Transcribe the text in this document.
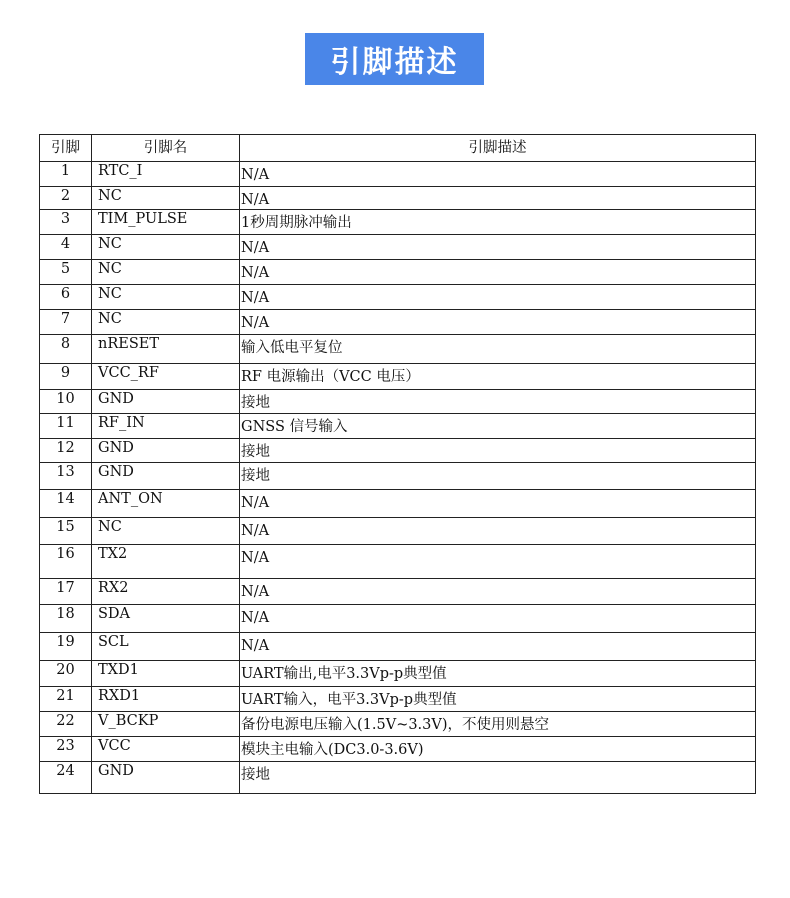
引脚描述
引脚	引脚名	引脚描述
1	RTC_I	N/A
2	NC	N/A
3	TIM_PULSE	1秒周期脉冲输出
4	NC	N/A
5	NC	N/A
6	NC	N/A
7	NC	N/A
8	nRESET	输入低电平复位
9	VCC_RF	RF 电源输出（VCC 电压）
10	GND	接地
11	RF_IN	GNSS 信号输入
12	GND	接地
13	GND	接地
14	ANT_ON	N/A
15	NC	N/A
16	TX2	N/A
17	RX2	N/A
18	SDA	N/A
19	SCL	N/A
20	TXD1	UART输出,电平3.3Vp-p典型值
21	RXD1	UART输入，电平3.3Vp-p典型值
22	V_BCKP	备份电源电压输入(1.5V~3.3V)，不使用则悬空
23	VCC	模块主电输入(DC3.0-3.6V)
24	GND	接地
